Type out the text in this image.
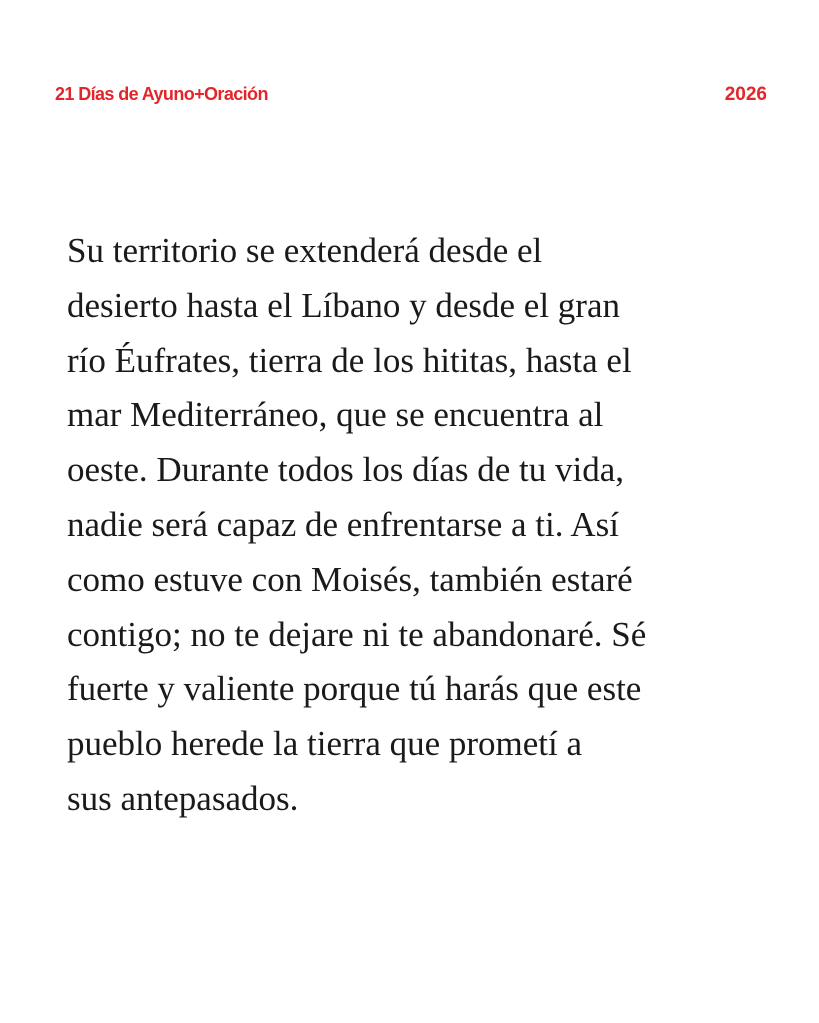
21 Días de Ayuno+Oración	2026

Su territorio se extenderá desde el
desierto hasta el Líbano y desde el gran
río Éufrates, tierra de los hititas, hasta el
mar Mediterráneo, que se encuentra al
oeste. Durante todos los días de tu vida,
nadie será capaz de enfrentarse a ti. Así
como estuve con Moisés, también estaré
contigo; no te dejare ni te abandonaré. Sé
fuerte y valiente porque tú harás que este
pueblo herede la tierra que prometí a
sus antepasados.
